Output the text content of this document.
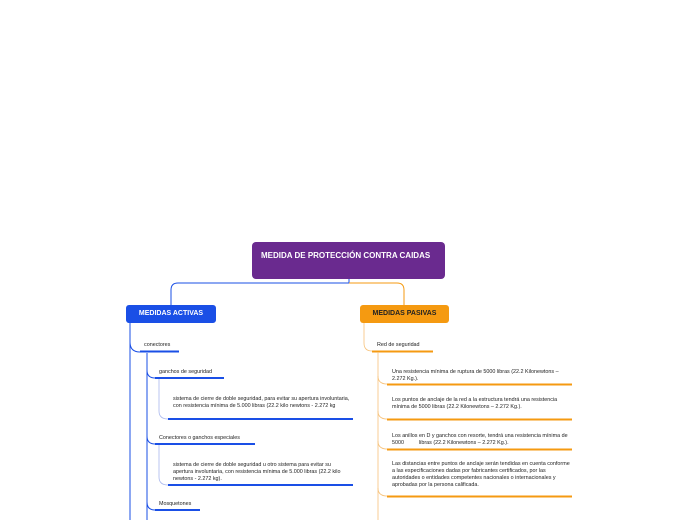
MEDIDA DE PROTECCIÓN CONTRA CAIDAS
MEDIDAS ACTIVAS	MEDIDAS PASIVAS
conectores
ganchos de seguridad
sistema de cierre de doble seguridad, para evitar su apertura involuntaria, con resistencia mínima de 5.000 libras (22.2 kilo newtons - 2.272 kg
Conectores o ganchos especiales
sistema de cierre de doble seguridad u otro sistema para evitar su apertura involuntaria, con resistencia mínima de 5.000 libras (22.2 kilo newtons - 2.272 kg).
Mosquetones
Red de seguridad
Una resistencia mínima de ruptura de 5000 libras (22.2 Kilonewtons – 2.272 Kg.).
Los puntos de anclaje de la red a la estructura tendrá una resistencia mínima de 5000 libras (22.2 Kilonewtons – 2.272 Kg.).
Los anillos en D y ganchos con resorte, tendrá una resistencia mínima de 5000          libras (22.2 Kilonewtons – 2.272 Kg.).
Las distancias entre puntos de anclaje serán tendidas en cuenta conforme a las especificaciones dadas por fabricantes certificados, por las autoridades o entidades competentes nacionales o internacionales y aprobadas por la persona calificada.
